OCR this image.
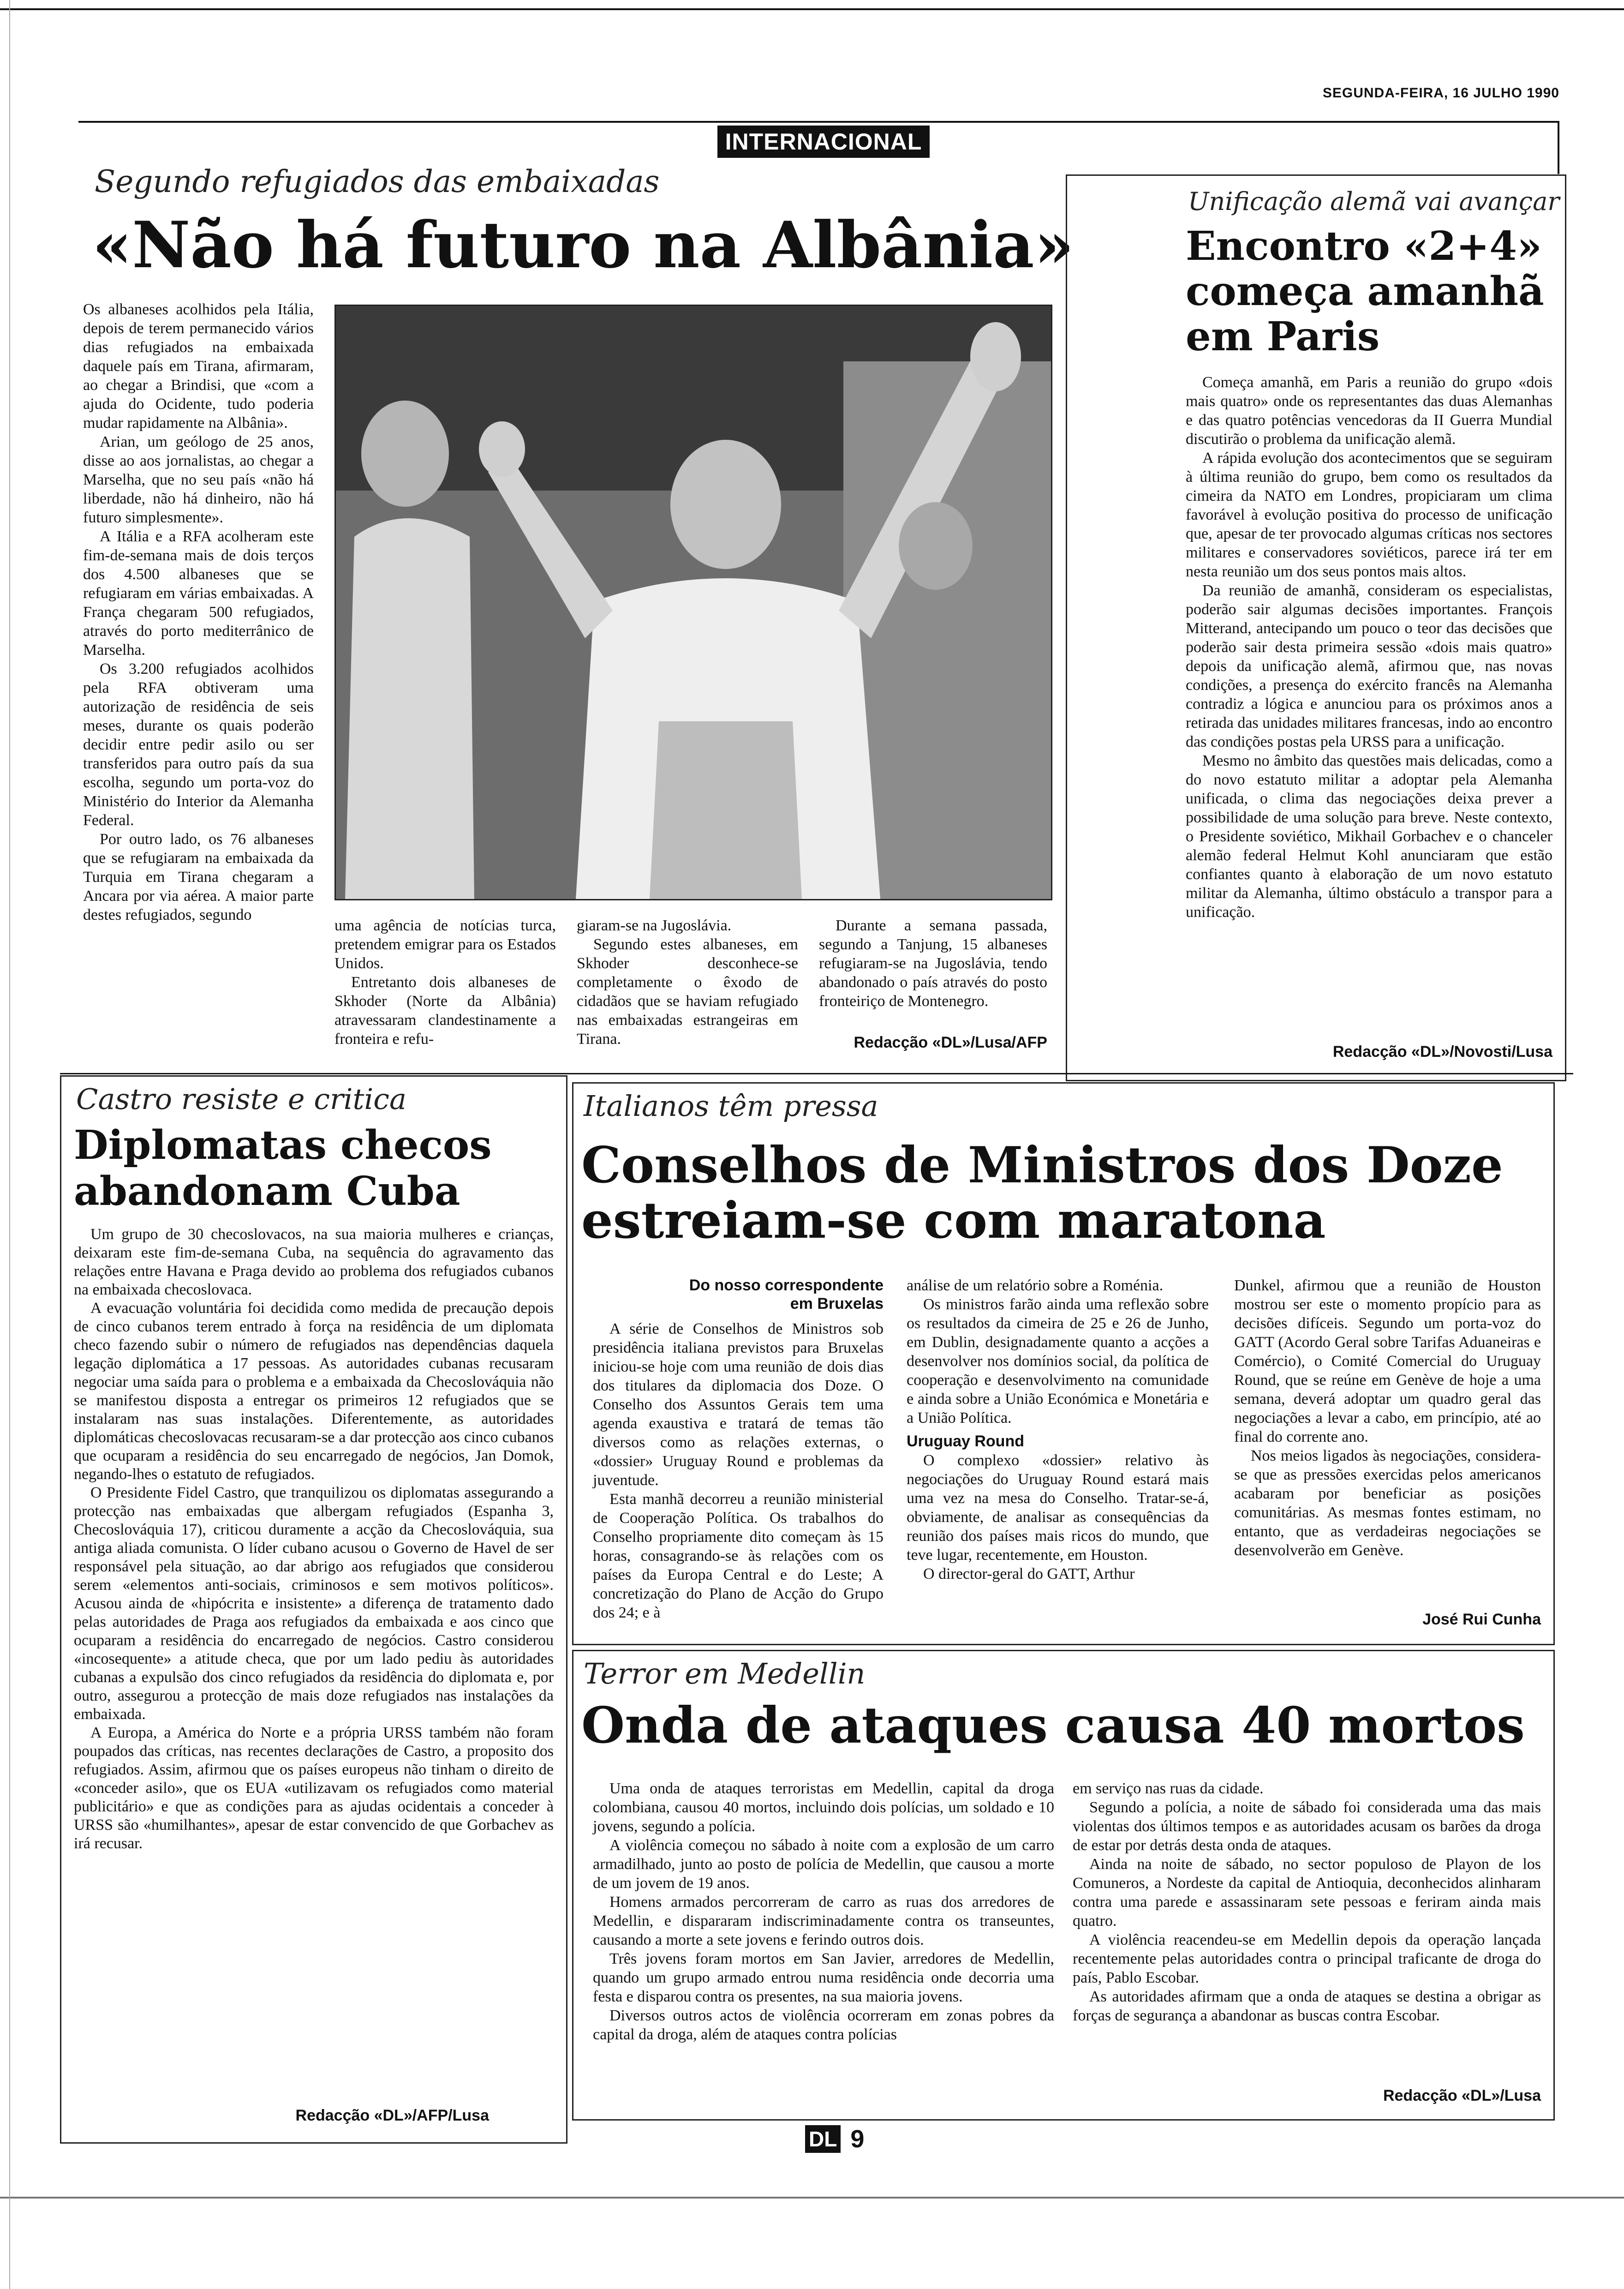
SEGUNDA-FEIRA, 16 JULHO 1990
INTERNACIONAL
Segundo refugiados das embaixadas
«Não há futuro na Albânia»

Os albaneses acolhidos pela Itália, depois de terem permanecido vários dias refugiados na embaixada daquele país em Tirana, afirmaram, ao chegar a Brindisi, que «com a ajuda do Ocidente, tudo poderia mudar rapidamente na Albânia».

Arian, um geólogo de 25 anos, disse ao aos jornalistas, ao chegar a Marselha, que no seu país «não há liberdade, não há dinheiro, não há futuro simplesmente».

A Itália e a RFA acolheram este fim-de-semana mais de dois terços dos 4.500 albaneses que se refugiaram em várias embaixadas. A França chegaram 500 refugiados, através do porto mediterrânico de Marselha.

Os 3.200 refugiados acolhidos pela RFA obtiveram uma autorização de residência de seis meses, durante os quais poderão decidir entre pedir asilo ou ser transferidos para outro país da sua escolha, segundo um porta-voz do Ministério do Interior da Alemanha Federal.

Por outro lado, os 76 albaneses que se refugiaram na embaixada da Turquia em Tirana chegaram a Ancara por via aérea. A maior parte destes refugiados, segundo

uma agência de notícias turca, pretendem emigrar para os Estados Unidos.

Entretanto dois albaneses de Skhoder (Norte da Albânia) atravessaram clandestinamente a fronteira e refu-

giaram-se na Jugoslávia.

Segundo estes albaneses, em Skhoder desconhece-se completamente o êxodo de cidadãos que se haviam refugiado nas embaixadas estrangeiras em Tirana.

Durante a semana passada, segundo a Tanjung, 15 albaneses refugiaram-se na Jugoslávia, tendo abandonado o país através do posto fronteiriço de Montenegro.

Redacção «DL»/Lusa/AFP
Unificação alemã vai avançar
Encontro «2+4»
começa amanhã
em Paris

Começa amanhã, em Paris a reunião do grupo «dois mais quatro» onde os representantes das duas Alemanhas e das quatro potências vencedoras da II Guerra Mundial discutirão o problema da unificação alemã.

A rápida evolução dos acontecimentos que se seguiram à última reunião do grupo, bem como os resultados da cimeira da NATO em Londres, propiciaram um clima favorável à evolução positiva do processo de unificação que, apesar de ter provocado algumas críticas nos sectores militares e conservadores soviéticos, parece irá ter em nesta reunião um dos seus pontos mais altos.

Da reunião de amanhã, consideram os especialistas, poderão sair algumas decisões importantes. François Mitterand, antecipando um pouco o teor das decisões que poderão sair desta primeira sessão «dois mais quatro» depois da unificação alemã, afirmou que, nas novas condições, a presença do exército francês na Alemanha contradiz a lógica e anunciou para os próximos anos a retirada das unidades militares francesas, indo ao encontro das condições postas pela URSS para a unificação.

Mesmo no âmbito das questões mais delicadas, como a do novo estatuto militar a adoptar pela Alemanha unificada, o clima das negociações deixa prever a possibilidade de uma solução para breve. Neste contexto, o Presidente soviético, Mikhail Gorbachev e o chanceler alemão federal Helmut Kohl anunciaram que estão confiantes quanto à elaboração de um novo estatuto militar da Alemanha, último obstáculo a transpor para a unificação.

Redacção «DL»/Novosti/Lusa
Castro resiste e critica
Diplomatas checos
abandonam Cuba

Um grupo de 30 checoslovacos, na sua maioria mulheres e crianças, deixaram este fim-de-semana Cuba, na sequência do agravamento das relações entre Havana e Praga devido ao problema dos refugiados cubanos na embaixada checoslovaca.

A evacuação voluntária foi decidida como medida de precaução depois de cinco cubanos terem entrado à força na residência de um diplomata checo fazendo subir o número de refugiados nas dependências daquela legação diplomática a 17 pessoas. As autoridades cubanas recusaram negociar uma saída para o problema e a embaixada da Checoslováquia não se manifestou disposta a entregar os primeiros 12 refugiados que se instalaram nas suas instalações. Diferentemente, as autoridades diplomáticas checoslovacas recusaram-se a dar protecção aos cinco cubanos que ocuparam a residência do seu encarregado de negócios, Jan Domok, negando-lhes o estatuto de refugiados.

O Presidente Fidel Castro, que tranquilizou os diplomatas assegurando a protecção nas embaixadas que albergam refugiados (Espanha 3, Checoslováquia 17), criticou duramente a acção da Checoslováquia, sua antiga aliada comunista. O líder cubano acusou o Governo de Havel de ser responsável pela situação, ao dar abrigo aos refugiados que considerou serem «elementos anti-sociais, criminosos e sem motivos políticos». Acusou ainda de «hipócrita e insistente» a diferença de tratamento dado pelas autoridades de Praga aos refugiados da embaixada e aos cinco que ocuparam a residência do encarregado de negócios. Castro considerou «incosequente» a atitude checa, que por um lado pediu às autoridades cubanas a expulsão dos cinco refugiados da residência do diplomata e, por outro, assegurou a protecção de mais doze refugiados nas instalações da embaixada.

A Europa, a América do Norte e a própria URSS também não foram poupados das críticas, nas recentes declarações de Castro, a proposito dos refugiados. Assim, afirmou que os países europeus não tinham o direito de «conceder asilo», que os EUA «utilizavam os refugiados como material publicitário» e que as condições para as ajudas ocidentais a conceder à URSS são «humilhantes», apesar de estar convencido de que Gorbachev as irá recusar.

Redacção «DL»/AFP/Lusa
Italianos têm pressa
Conselhos de Ministros dos Doze
estreiam-se com maratona
Do nosso correspondente
em Bruxelas

A série de Conselhos de Ministros sob presidência italiana previstos para Bruxelas iniciou-se hoje com uma reunião de dois dias dos titulares da diplomacia dos Doze. O Conselho dos Assuntos Gerais tem uma agenda exaustiva e tratará de temas tão diversos como as relações externas, o «dossier» Uruguay Round e problemas da juventude.

Esta manhã decorreu a reunião ministerial de Cooperação Política. Os trabalhos do Conselho propriamente dito começam às 15 horas, consagrando-se às relações com os países da Europa Central e do Leste; A concretização do Plano de Acção do Grupo dos 24; e à

análise de um relatório sobre a Roménia.

Os ministros farão ainda uma reflexão sobre os resultados da cimeira de 25 e 26 de Junho, em Dublin, designadamente quanto a acções a desenvolver nos domínios social, da política de cooperação e desenvolvimento na comunidade e ainda sobre a União Económica e Monetária e a União Política.

Uruguay Round

O complexo «dossier» relativo às negociações do Uruguay Round estará mais uma vez na mesa do Conselho. Tratar-se-á, obviamente, de analisar as consequências da reunião dos países mais ricos do mundo, que teve lugar, recentemente, em Houston.

O director-geral do GATT, Arthur

Dunkel, afirmou que a reunião de Houston mostrou ser este o momento propício para as decisões difíceis. Segundo um porta-voz do GATT (Acordo Geral sobre Tarifas Aduaneiras e Comércio), o Comité Comercial do Uruguay Round, que se reúne em Genève de hoje a uma semana, deverá adoptar um quadro geral das negociações a levar a cabo, em princípio, até ao final do corrente ano.

Nos meios ligados às negociações, considera-se que as pressões exercidas pelos americanos acabaram por beneficiar as posições comunitárias. As mesmas fontes estimam, no entanto, que as verdadeiras negociações se desenvolverão em Genève.

José Rui Cunha
Terror em Medellin
Onda de ataques causa 40 mortos

Uma onda de ataques terroristas em Medellin, capital da droga colombiana, causou 40 mortos, incluindo dois polícias, um soldado e 10 jovens, segundo a polícia.

A violência começou no sábado à noite com a explosão de um carro armadilhado, junto ao posto de polícia de Medellin, que causou a morte de um jovem de 19 anos.

Homens armados percorreram de carro as ruas dos arredores de Medellin, e dispararam indiscriminadamente contra os transeuntes, causando a morte a sete jovens e ferindo outros dois.

Três jovens foram mortos em San Javier, arredores de Medellin, quando um grupo armado entrou numa residência onde decorria uma festa e disparou contra os presentes, na sua maioria jovens.

Diversos outros actos de violência ocorreram em zonas pobres da capital da droga, além de ataques contra polícias

em serviço nas ruas da cidade.

Segundo a polícia, a noite de sábado foi considerada uma das mais violentas dos últimos tempos e as autoridades acusam os barões da droga de estar por detrás desta onda de ataques.

Ainda na noite de sábado, no sector populoso de Playon de los Comuneros, a Nordeste da capital de Antioquia, deconhecidos alinharam contra uma parede e assassinaram sete pessoas e feriram ainda mais quatro.

A violência reacendeu-se em Medellin depois da operação lançada recentemente pelas autoridades contra o principal traficante de droga do país, Pablo Escobar.

As autoridades afirmam que a onda de ataques se destina a obrigar as forças de segurança a abandonar as buscas contra Escobar.

Redacção «DL»/Lusa
DL 9
